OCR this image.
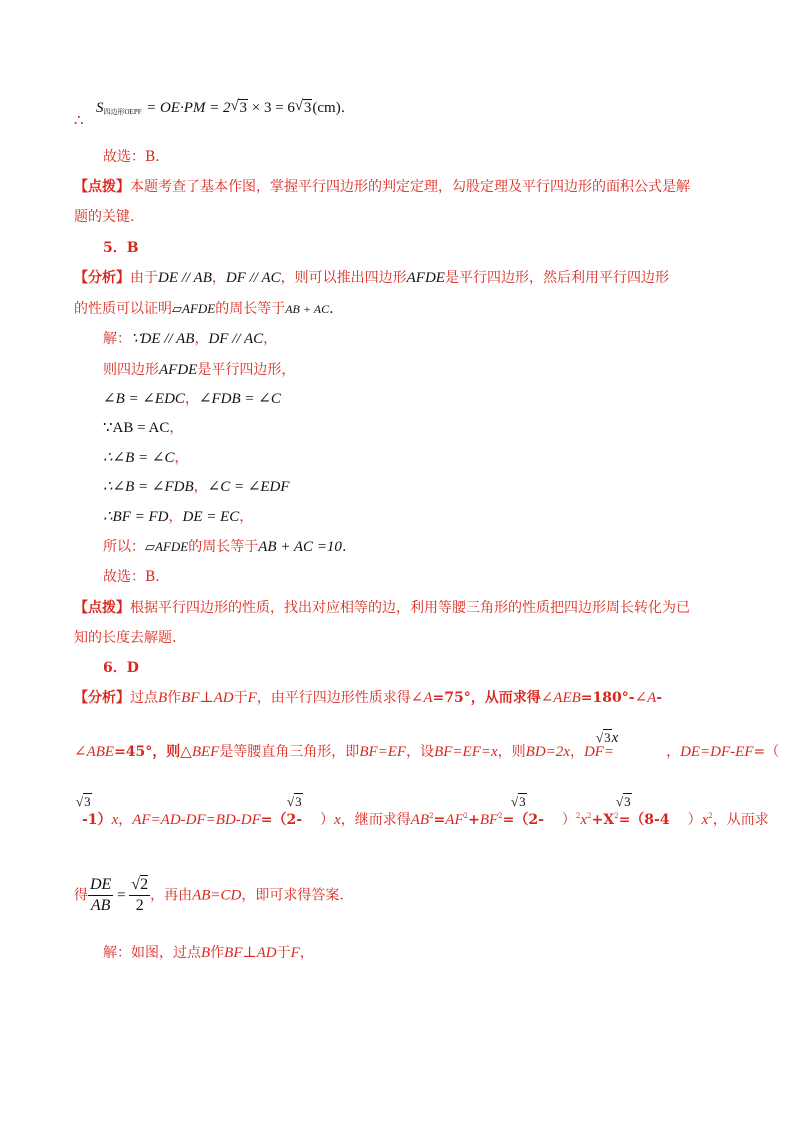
$S_{四边形OEPF} = OE\cdot PM = 2$ √ 3 × 3 = 6 √ 3(cm).
∴
故选：B.
【点拨】本题考查了基本作图，掌握平行四边形的判定定理，勾股定理及平行四边形的面积公式是解
题的关键.
5．B
【分析】由于DE // AB，DF // AC，则可以推出四边形AFDE是平行四边形，然后利用平行四边形
的性质可以证明▱AFDE的周长等于AB + AC.
解：∵DE // AB，DF // AC，
则四边形AFDE是平行四边形，
∠B = ∠EDC，∠FDB = ∠C
∵AB = AC，
∴∠B = ∠C，
∴∠B = ∠FDB，∠C = ∠EDF
∴BF = FD，DE = EC，
所以：▱AFDE的周长等于AB + AC =10.
故选：B.
【点拨】根据平行四边形的性质，找出对应相等的边，利用等腰三角形的性质把四边形周长转化为已
知的长度去解题.
6．D
【分析】过点B作BF⊥AD于F，由平行四边形性质求得∠A=75°，从而求得∠AEB=180°-∠A-
∠ABE=45°，则△BEF是等腰直角三角形，即BF=EF，设BF=EF=x，则BD=2x，DF=	，DE=DF-EF=（
√3x
√3	√3	√3	√3
-1）x，AF=AD-DF=BD-DF=（2- ）x，继而求得$AB^2=AF^2+BF^2=(2-$ ）$^2x^2+X^2=(8-4$ ）$x^2$，从而求
得 $\frac{DE}{AB} = \frac{√2}{2}$ ，再由AB=CD，即可求得答案.
解：如图，过点B作BF⊥AD于F，
